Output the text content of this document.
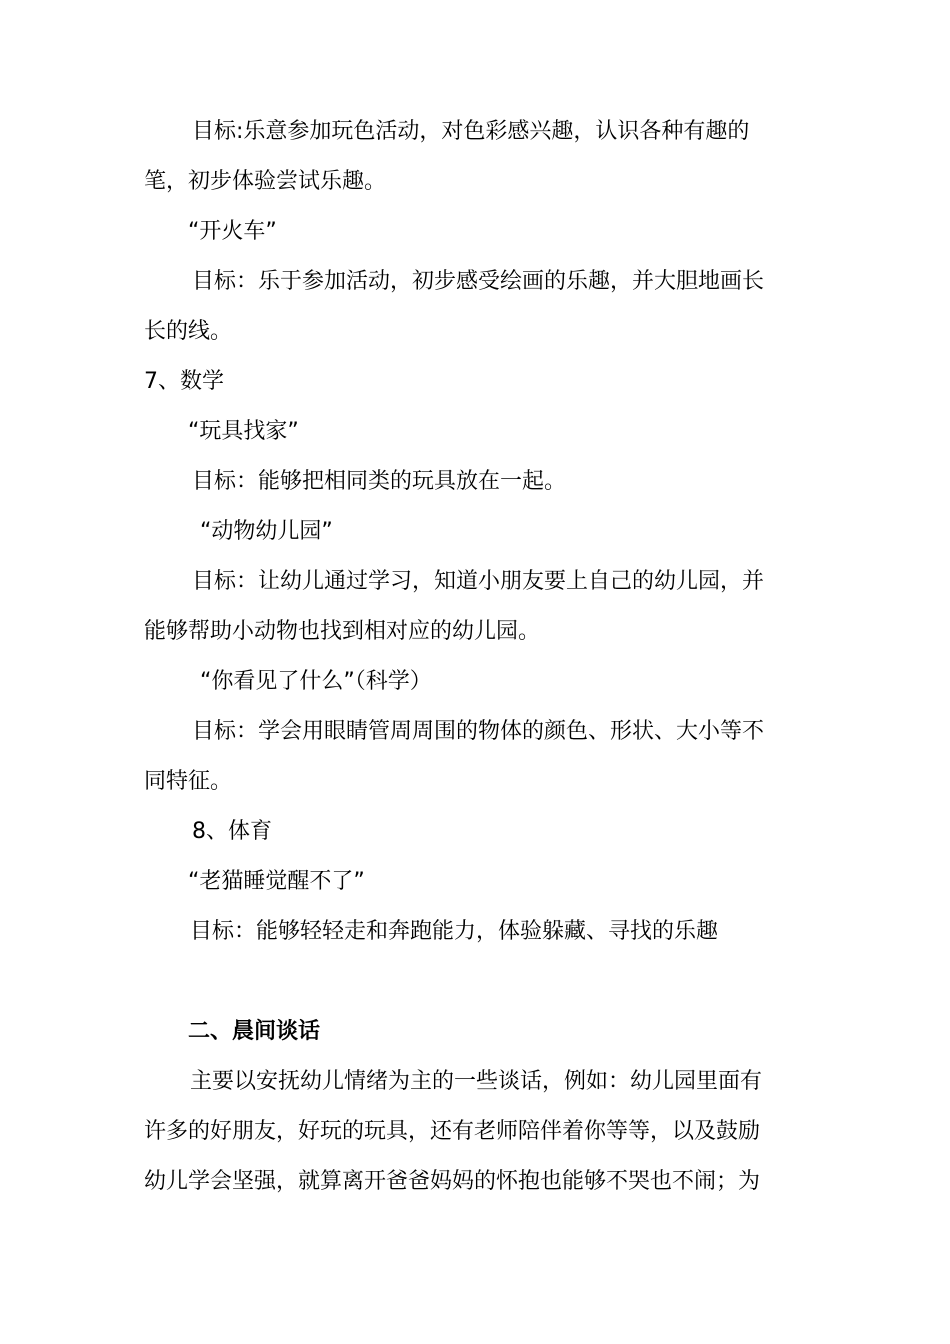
目标:乐意参加玩色活动，对色彩感兴趣，认识各种有趣的
笔，初步体验尝试乐趣。
“开火车”
目标：乐于参加活动，初步感受绘画的乐趣，并大胆地画长
长的线。
7、数学
“玩具找家”
目标：能够把相同类的玩具放在一起。
“动物幼儿园”
目标：让幼儿通过学习，知道小朋友要上自己的幼儿园，并
能够帮助小动物也找到相对应的幼儿园。
“你看见了什么”（科学）
目标：学会用眼睛管周周围的物体的颜色、形状、大小等不
同特征。
8、体育
“老猫睡觉醒不了”
目标：能够轻轻走和奔跑能力，体验躲藏、寻找的乐趣
二、晨间谈话
主要以安抚幼儿情绪为主的一些谈话，例如：幼儿园里面有
许多的好朋友，好玩的玩具，还有老师陪伴着你等等，以及鼓励
幼儿学会坚强，就算离开爸爸妈妈的怀抱也能够不哭也不闹；为
